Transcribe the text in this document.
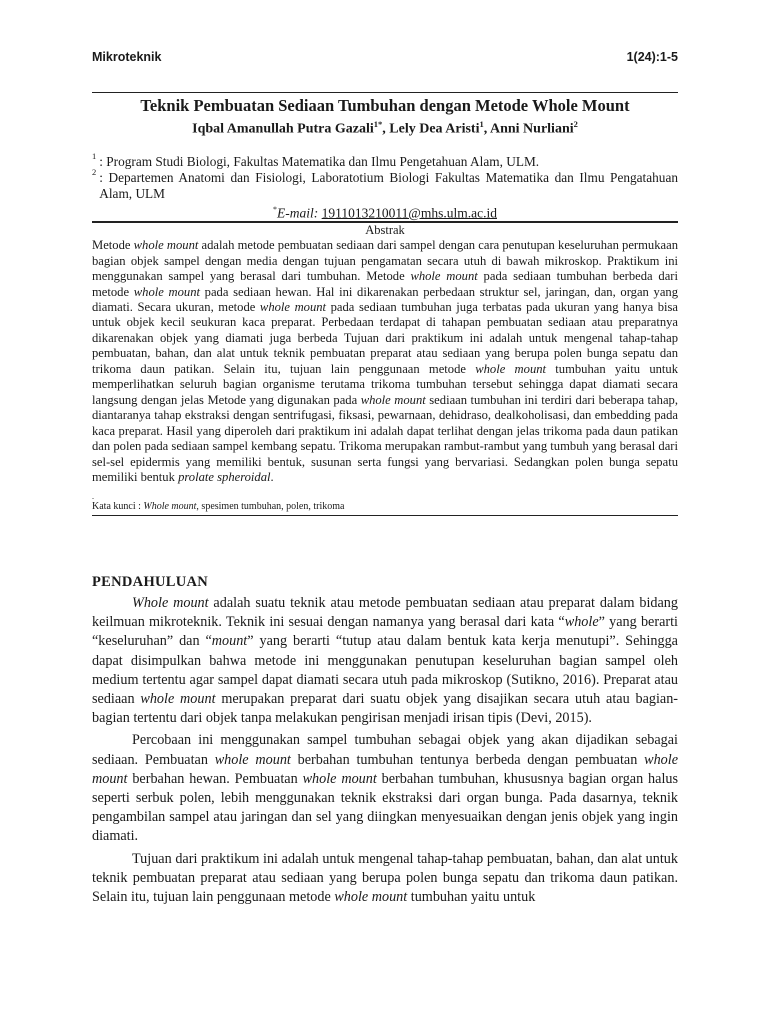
Mikroteknik	1(24):1-5
Teknik Pembuatan Sediaan Tumbuhan dengan Metode Whole Mount
Iqbal Amanullah Putra Gazali$^{1*}$, Lely Dea Aristi$^1$, Anni Nurliani$^2$
1 : Program Studi Biologi, Fakultas Matematika dan Ilmu Pengetahuan Alam, ULM.
2 : Departemen Anatomi dan Fisiologi, Laboratotium Biologi Fakultas Matematika dan Ilmu Pengatahuan Alam, ULM
*E-mail: 1911013210011@mhs.ulm.ac.id
Abstrak
Metode whole mount adalah metode pembuatan sediaan dari sampel dengan cara penutupan keseluruhan permukaan bagian objek sampel dengan media dengan tujuan pengamatan secara utuh di bawah mikroskop. Praktikum ini menggunakan sampel yang berasal dari tumbuhan. Metode whole mount pada sediaan tumbuhan berbeda dari metode whole mount pada sediaan hewan. Hal ini dikarenakan perbedaan struktur sel, jaringan, dan, organ yang diamati. Secara ukuran, metode whole mount pada sediaan tumbuhan juga terbatas pada ukuran yang hanya bisa untuk objek kecil seukuran kaca preparat. Perbedaan terdapat di tahapan pembuatan sediaan atau preparatnya dikarenakan objek yang diamati juga berbeda Tujuan dari praktikum ini adalah untuk mengenal tahap-tahap pembuatan, bahan, dan alat untuk teknik pembuatan preparat atau sediaan yang berupa polen bunga sepatu dan trikoma daun patikan. Selain itu, tujuan lain penggunaan metode whole mount tumbuhan yaitu untuk memperlihatkan seluruh bagian organisme terutama trikoma tumbuhan tersebut sehingga dapat diamati secara langsung dengan jelas Metode yang digunakan pada whole mount sediaan tumbuhan ini terdiri dari beberapa tahap, diantaranya tahap ekstraksi dengan sentrifugasi, fiksasi, pewarnaan, dehidraso, dealkoholisasi, dan embedding pada kaca preparat. Hasil yang diperoleh dari praktikum ini adalah dapat terlihat dengan jelas trikoma pada daun patikan dan polen pada sediaan sampel kembang sepatu. Trikoma merupakan rambut-rambut yang tumbuh yang berasal dari sel-sel epidermis yang memiliki bentuk, susunan serta fungsi yang bervariasi. Sedangkan polen bunga sepatu memiliki bentuk prolate spheroidal.
.
Kata kunci : Whole mount, spesimen tumbuhan, polen, trikoma
PENDAHULUAN

Whole mount adalah suatu teknik atau metode pembuatan sediaan atau preparat dalam bidang keilmuan mikroteknik. Teknik ini sesuai dengan namanya yang berasal dari kata “whole” yang berarti “keseluruhan” dan “mount” yang berarti “tutup atau dalam bentuk kata kerja menutupi”. Sehingga dapat disimpulkan bahwa metode ini menggunakan penutupan keseluruhan bagian sampel oleh medium tertentu agar sampel dapat diamati secara utuh pada mikroskop (Sutikno, 2016). Preparat atau sediaan whole mount merupakan preparat dari suatu objek yang disajikan secara utuh atau bagian-bagian tertentu dari objek tanpa melakukan pengirisan menjadi irisan tipis (Devi, 2015).

Percobaan ini menggunakan sampel tumbuhan sebagai objek yang akan dijadikan sebagai sediaan. Pembuatan whole mount berbahan tumbuhan tentunya berbeda dengan pembuatan whole mount berbahan hewan. Pembuatan whole mount berbahan tumbuhan, khususnya bagian organ halus seperti serbuk polen, lebih menggunakan teknik ekstraksi dari organ bunga. Pada dasarnya, teknik pengambilan sampel atau jaringan dan sel yang diingkan menyesuaikan dengan jenis objek yang ingin diamati.

Tujuan dari praktikum ini adalah untuk mengenal tahap-tahap pembuatan, bahan, dan alat untuk teknik pembuatan preparat atau sediaan yang berupa polen bunga sepatu dan trikoma daun patikan. Selain itu, tujuan lain penggunaan metode whole mount tumbuhan yaitu untuk
